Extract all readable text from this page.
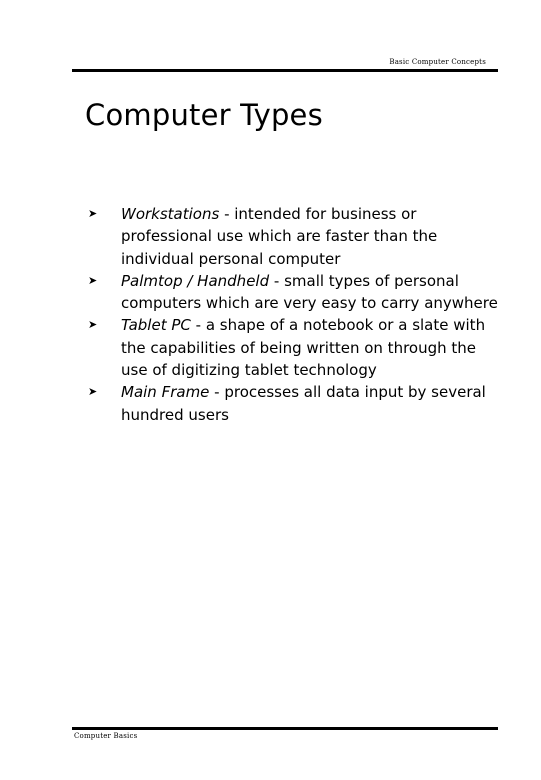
Basic Computer Concepts
Computer Types
➤ Workstations - intended for business or professional use which are faster than the individual personal computer
➤ Palmtop / Handheld - small types of personal computers which are very easy to carry anywhere
➤ Tablet PC - a shape of a notebook or a slate with the capabilities of being written on through the use of digitizing tablet technology
➤ Main Frame - processes all data input by several hundred users
Computer Basics
